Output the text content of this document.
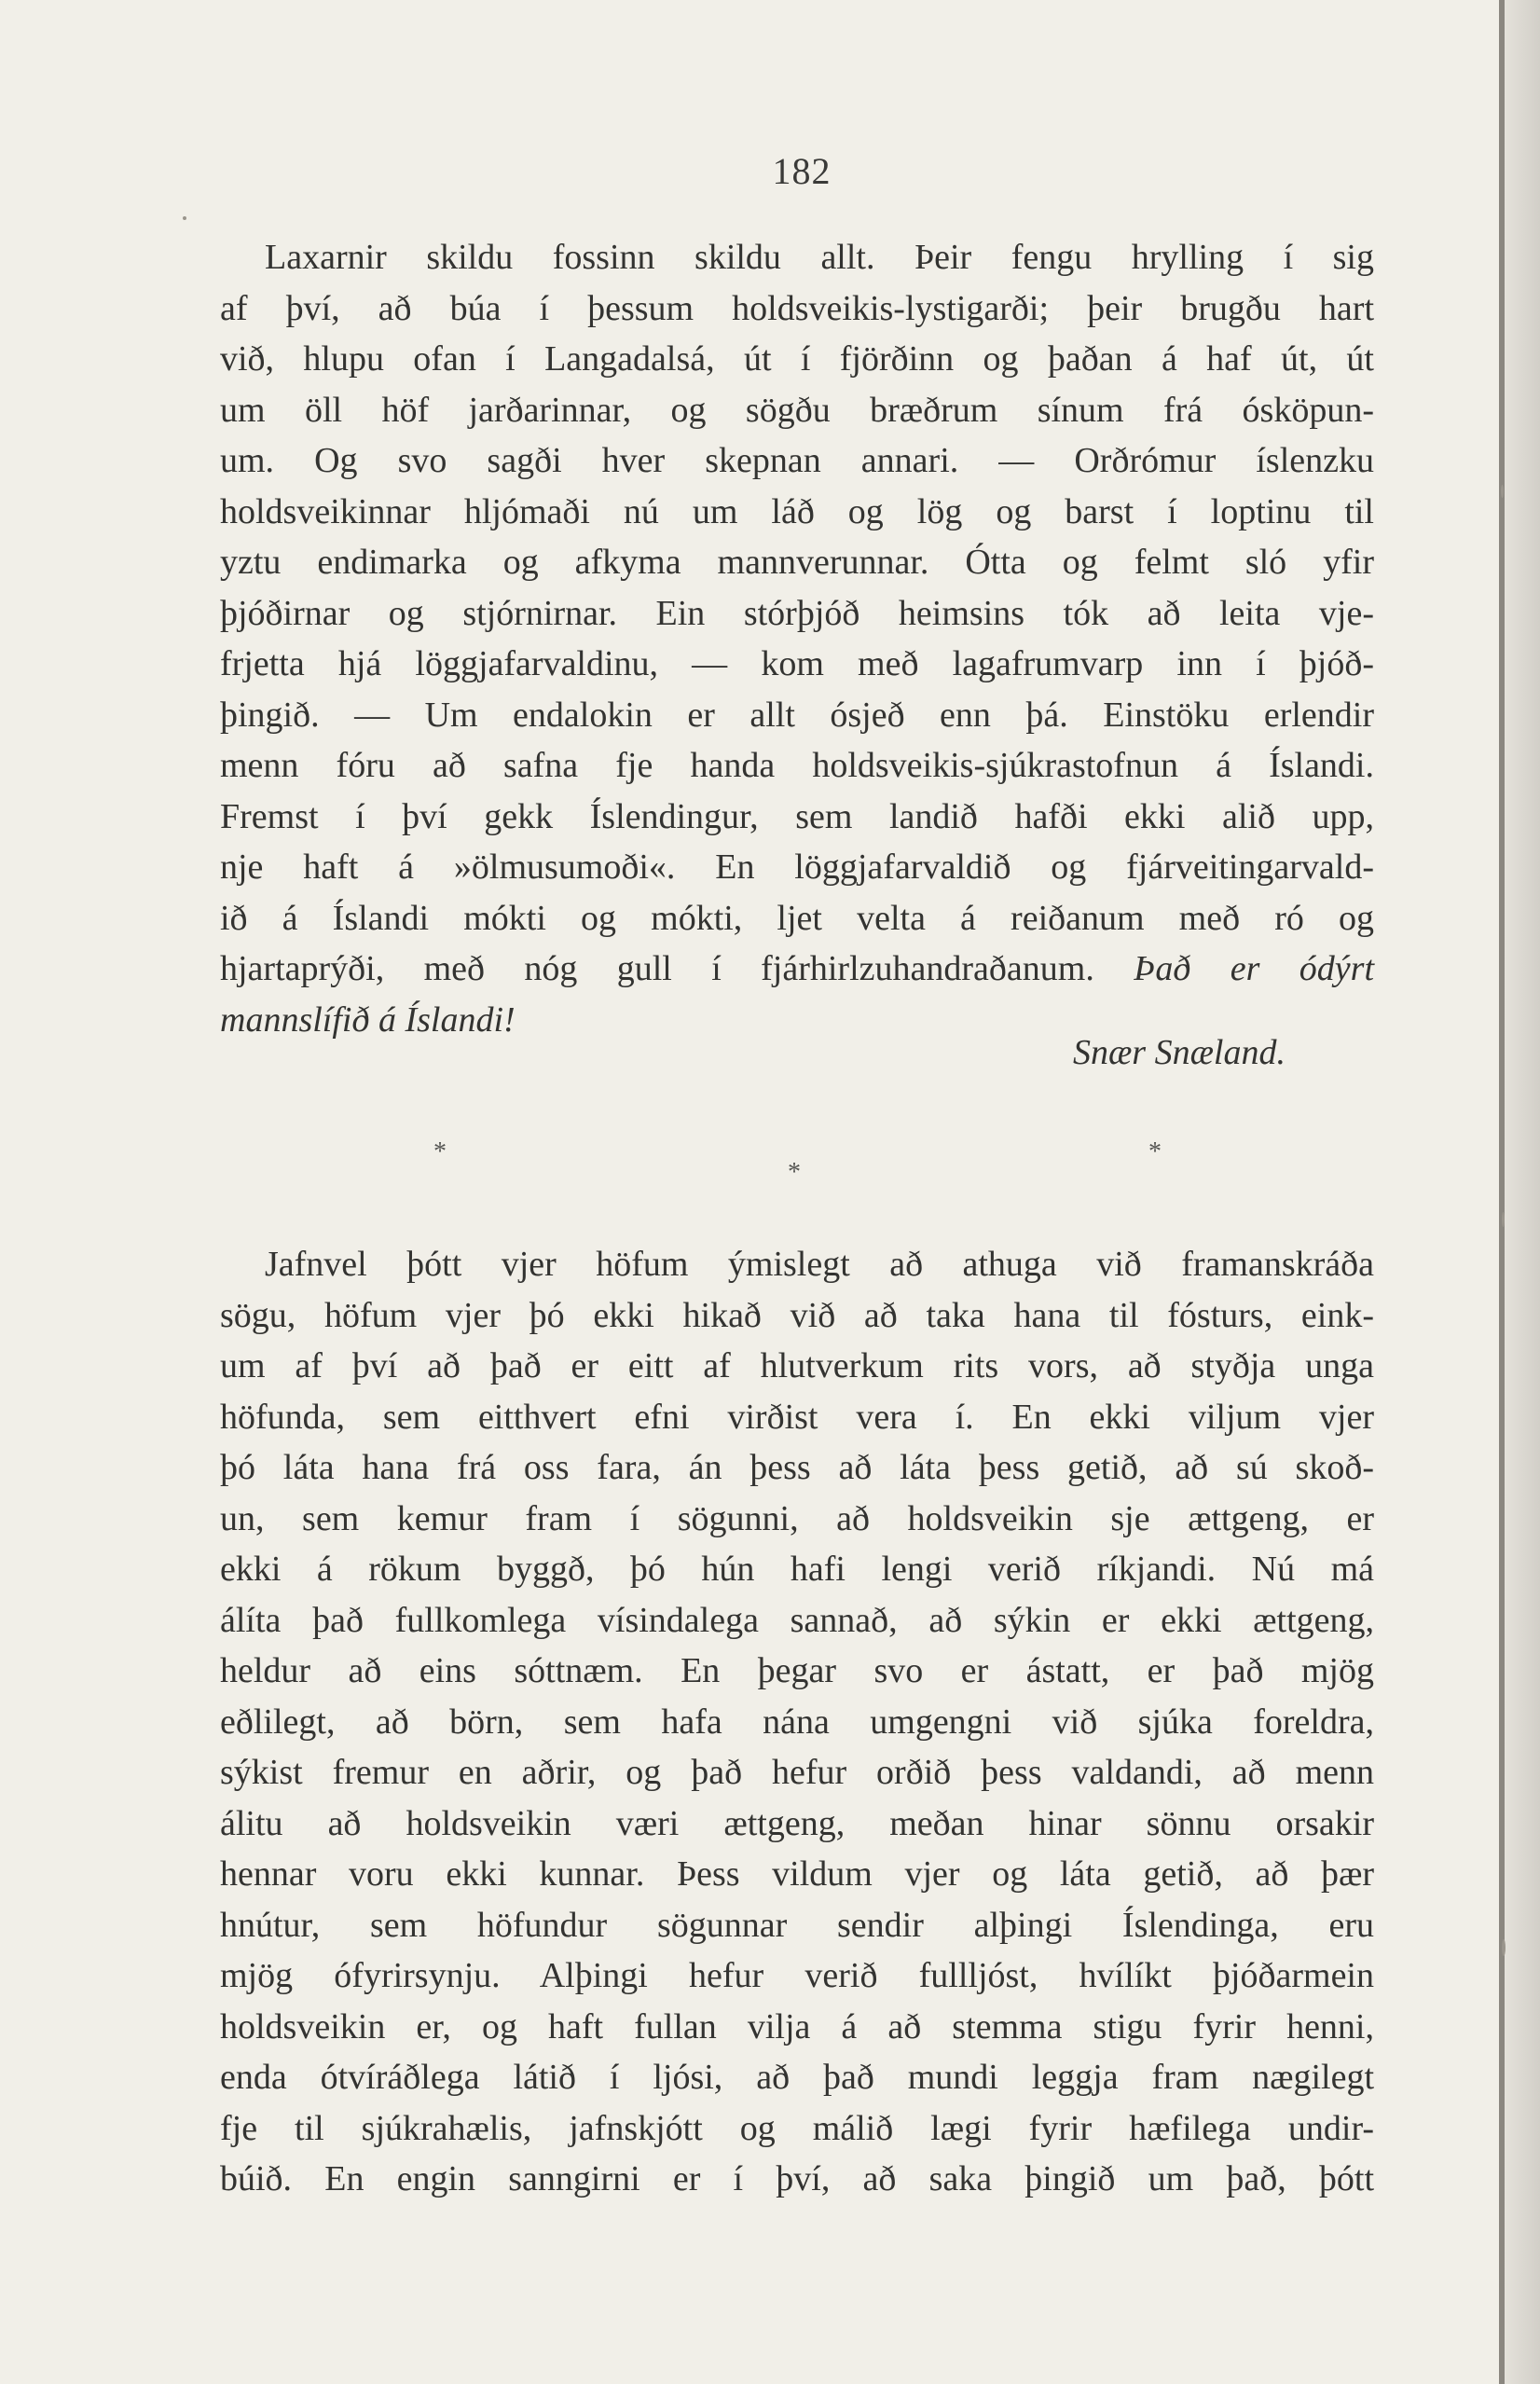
182
Laxarnir skildu fossinn skildu allt. Þeir fengu hrylling í sig
af því, að búa í þessum holdsveikis-lystigarði; þeir brugðu hart
við, hlupu ofan í Langadalsá, út í fjörðinn og þaðan á haf út, út
um öll höf jarðarinnar, og sögðu bræðrum sínum frá ósköpun-
um. Og svo sagði hver skepnan annari. — Orðrómur íslenzku
holdsveikinnar hljómaði nú um láð og lög og barst í loptinu til
yztu endimarka og afkyma mannverunnar. Ótta og felmt sló yfir
þjóðirnar og stjórnirnar. Ein stórþjóð heimsins tók að leita vje-
frjetta hjá löggjafarvaldinu, — kom með lagafrumvarp inn í þjóð-
þingið. — Um endalokin er allt ósjeð enn þá. Einstöku erlendir
menn fóru að safna fje handa holdsveikis-sjúkrastofnun á Íslandi.
Fremst í því gekk Íslendingur, sem landið hafði ekki alið upp,
nje haft á »ölmusumoði«. En löggjafarvaldið og fjárveitingarvald-
ið á Íslandi mókti og mókti, ljet velta á reiðanum með ró og
hjartaprýði, með nóg gull í fjárhirlzuhandraðanum. Það er ódýrt
mannslífið á Íslandi!
Snær Snæland.
*
*
*
Jafnvel þótt vjer höfum ýmislegt að athuga við framanskráða
sögu, höfum vjer þó ekki hikað við að taka hana til fósturs, eink-
um af því að það er eitt af hlutverkum rits vors, að styðja unga
höfunda, sem eitthvert efni virðist vera í. En ekki viljum vjer
þó láta hana frá oss fara, án þess að láta þess getið, að sú skoð-
un, sem kemur fram í sögunni, að holdsveikin sje ættgeng, er
ekki á rökum byggð, þó hún hafi lengi verið ríkjandi. Nú má
álíta það fullkomlega vísindalega sannað, að sýkin er ekki ættgeng,
heldur að eins sóttnæm. En þegar svo er ástatt, er það mjög
eðlilegt, að börn, sem hafa nána umgengni við sjúka foreldra,
sýkist fremur en aðrir, og það hefur orðið þess valdandi, að menn
álitu að holdsveikin væri ættgeng, meðan hinar sönnu orsakir
hennar voru ekki kunnar. Þess vildum vjer og láta getið, að þær
hnútur, sem höfundur sögunnar sendir alþingi Íslendinga, eru
mjög ófyrirsynju. Alþingi hefur verið fullljóst, hvílíkt þjóðarmein
holdsveikin er, og haft fullan vilja á að stemma stigu fyrir henni,
enda ótvíráðlega látið í ljósi, að það mundi leggja fram nægilegt
fje til sjúkrahælis, jafnskjótt og málið lægi fyrir hæfilega undir-
búið. En engin sanngirni er í því, að saka þingið um það, þótt
